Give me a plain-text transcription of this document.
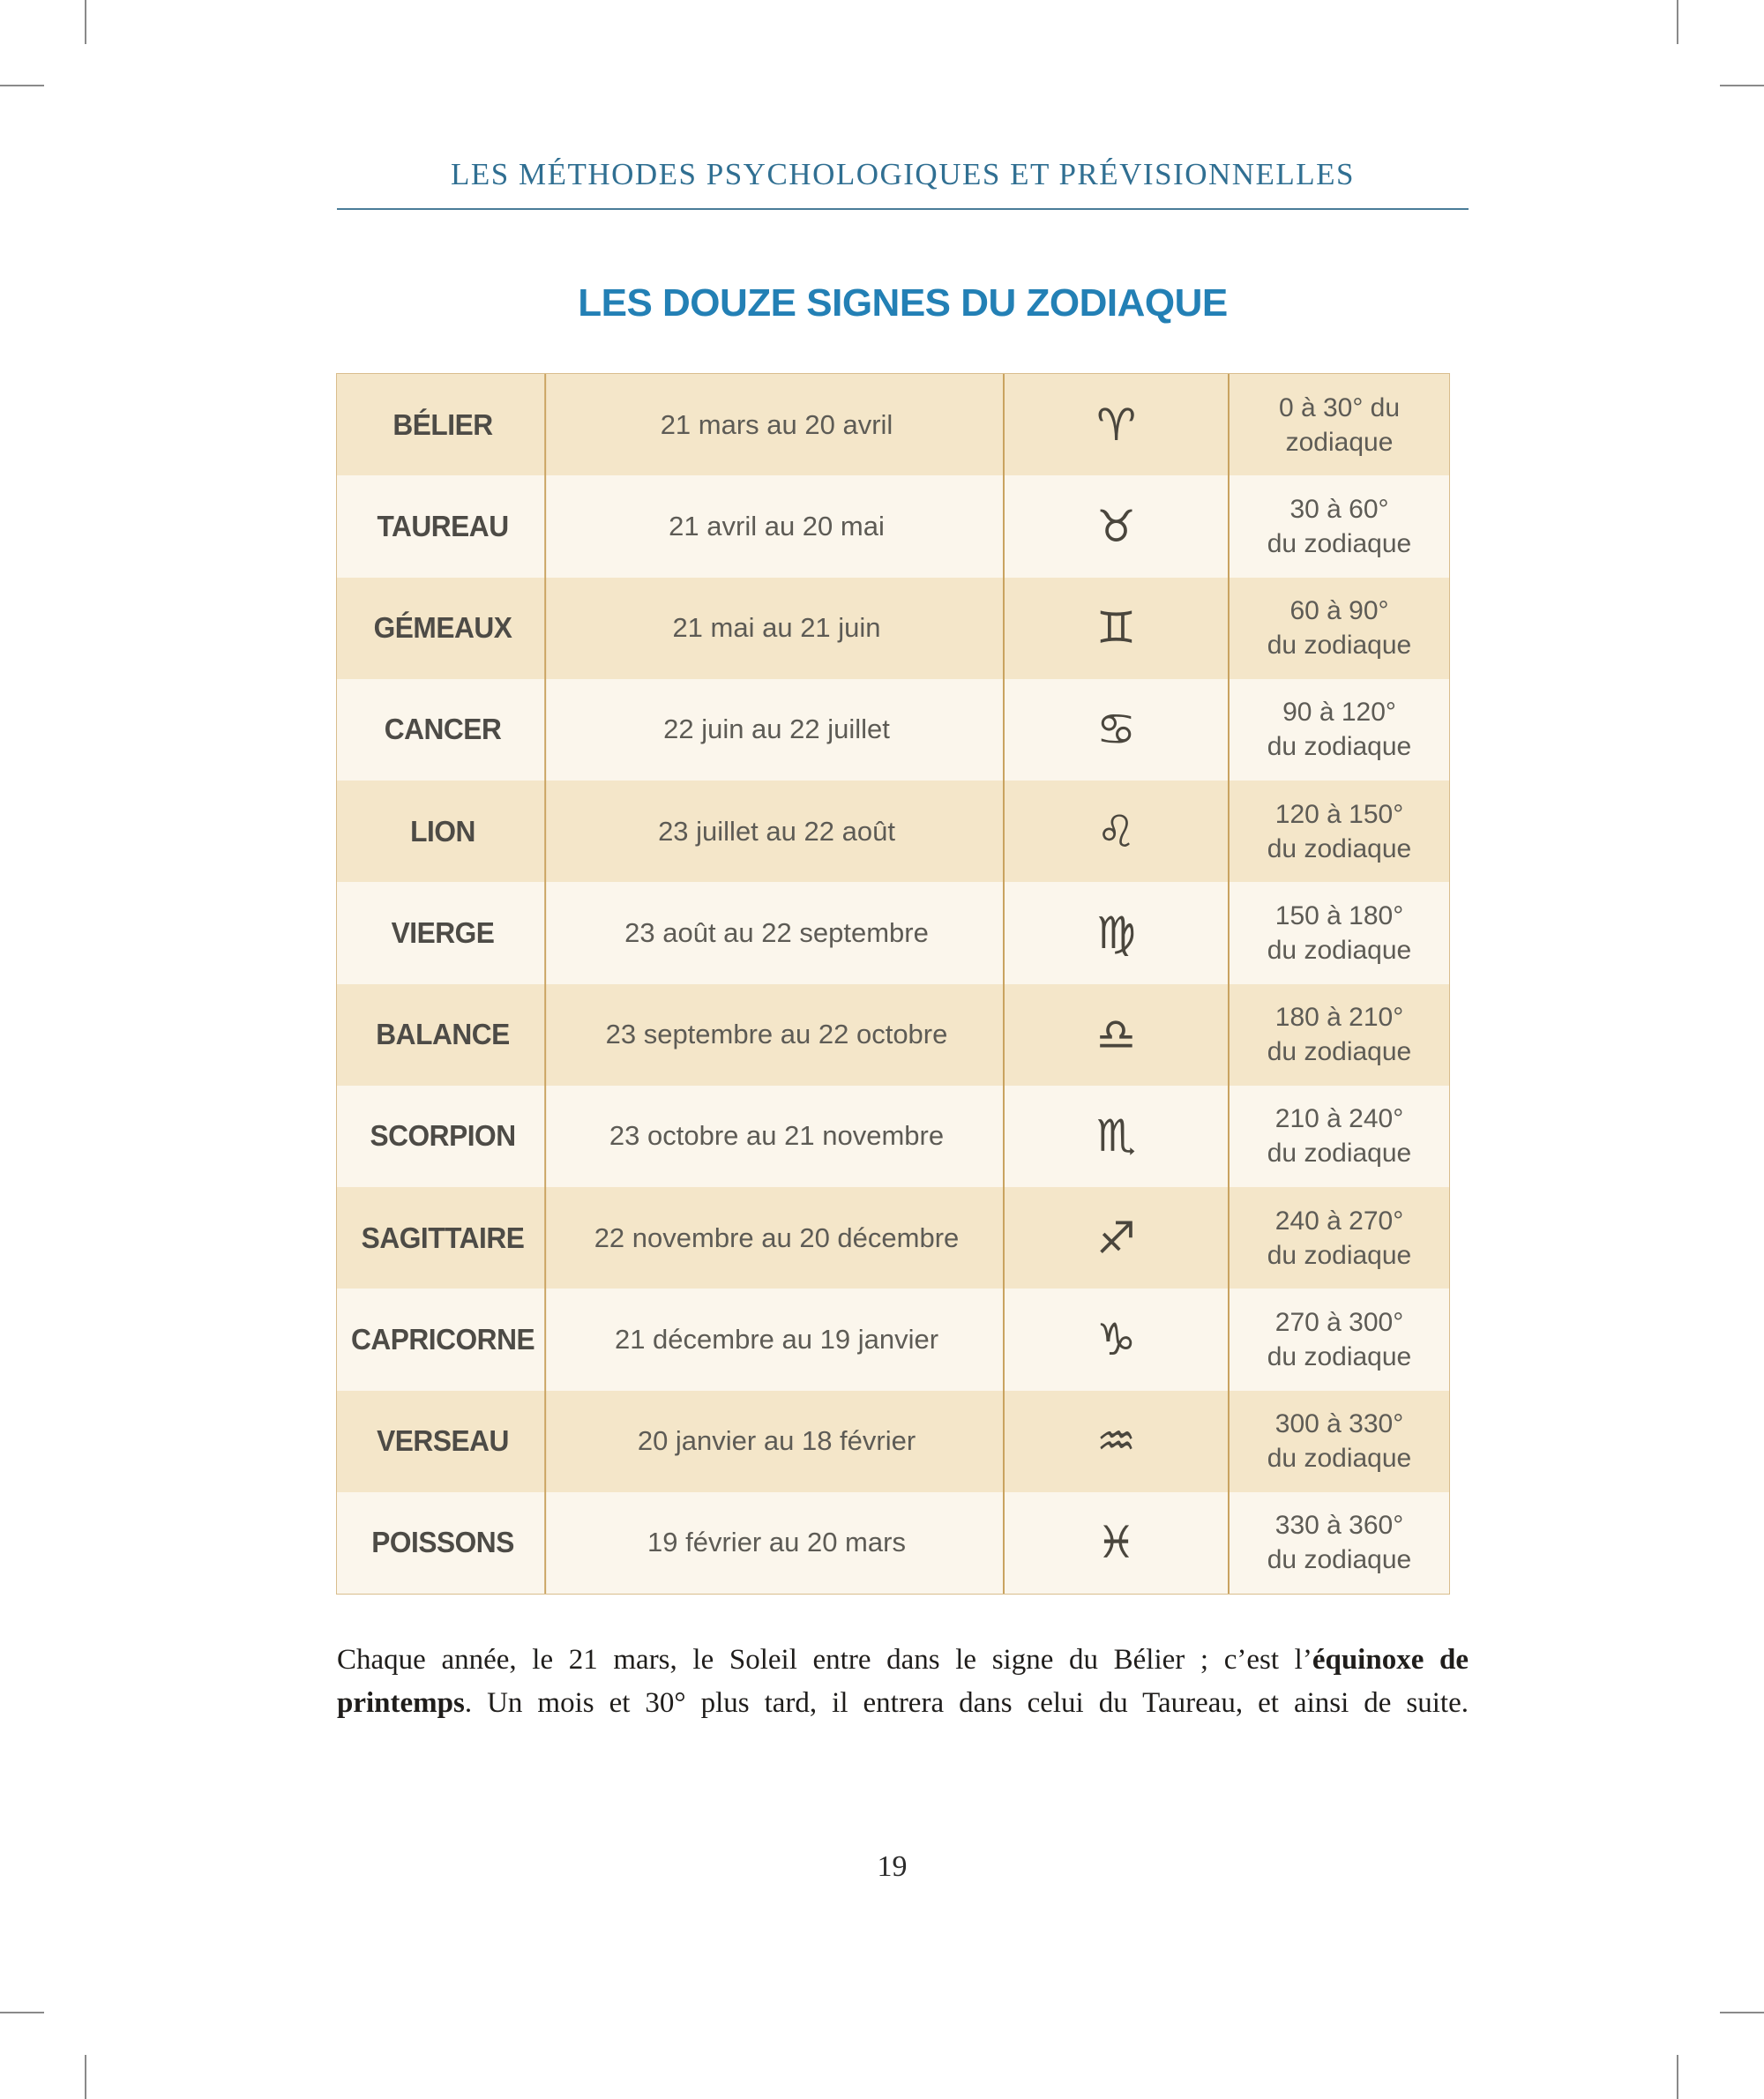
LES MÉTHODES PSYCHOLOGIQUES ET PRÉVISIONNELLES
LES DOUZE SIGNES DU ZODIAQUE
BÉLIER	21 mars au 20 avril	♈	0 à 30° du
zodiaque
TAUREAU	21 avril au 20 mai	♉	30 à 60°
du zodiaque
GÉMEAUX	21 mai au 21 juin	♊	60 à 90°
du zodiaque
CANCER	22 juin au 22 juillet	♋	90 à 120°
du zodiaque
LION	23 juillet au 22 août	♌	120 à 150°
du zodiaque
VIERGE	23 août au 22 septembre	♍	150 à 180°
du zodiaque
BALANCE	23 septembre au 22 octobre	♎	180 à 210°
du zodiaque
SCORPION	23 octobre au 21 novembre	♏	210 à 240°
du zodiaque
SAGITTAIRE	22 novembre au 20 décembre	♐	240 à 270°
du zodiaque
CAPRICORNE	21 décembre au 19 janvier	♑	270 à 300°
du zodiaque
VERSEAU	20 janvier au 18 février	♒	300 à 330°
du zodiaque
POISSONS	19 février au 20 mars	♓	330 à 360°
du zodiaque
Chaque année, le 21 mars, le Soleil entre dans le signe du Bélier ; c’est l’équinoxe de
printemps. Un mois et 30° plus tard, il entrera dans celui du Taureau, et ainsi de suite.
19
